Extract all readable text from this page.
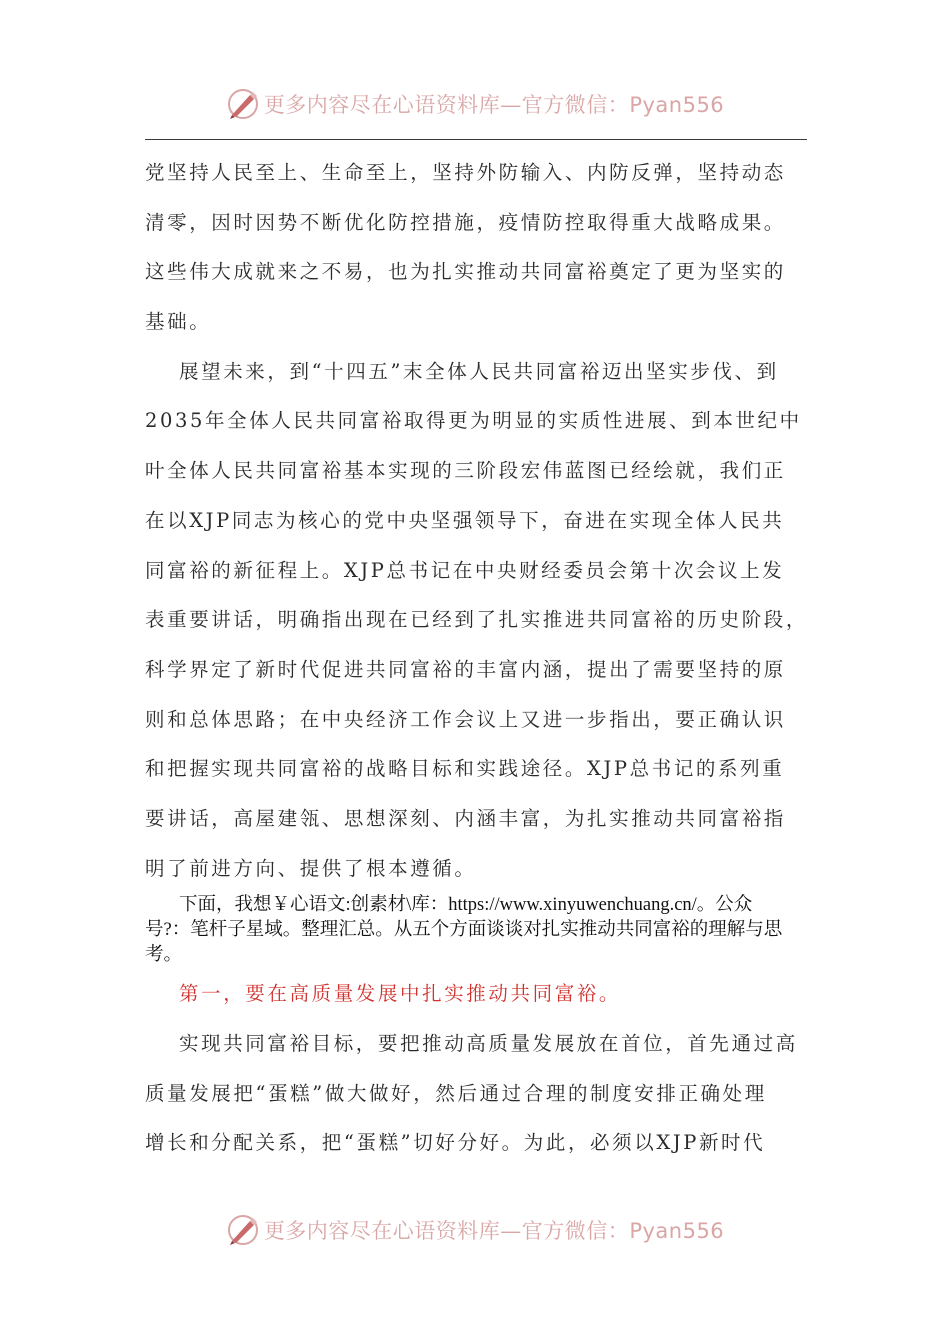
更多内容尽在心语资料库—官方微信：Pyan556
党坚持人民至上、生命至上，坚持外防输入、内防反弹，坚持动态
清零，因时因势不断优化防控措施，疫情防控取得重大战略成果。
这些伟大成就来之不易，也为扎实推动共同富裕奠定了更为坚实的
基础。
展望未来，到“十四五”末全体人民共同富裕迈出坚实步伐、到
2035年全体人民共同富裕取得更为明显的实质性进展、到本世纪中
叶全体人民共同富裕基本实现的三阶段宏伟蓝图已经绘就，我们正
在以XJP同志为核心的党中央坚强领导下，奋进在实现全体人民共
同富裕的新征程上。XJP总书记在中央财经委员会第十次会议上发
表重要讲话，明确指出现在已经到了扎实推进共同富裕的历史阶段，
科学界定了新时代促进共同富裕的丰富内涵，提出了需要坚持的原
则和总体思路；在中央经济工作会议上又进一步指出，要正确认识
和把握实现共同富裕的战略目标和实践途径。XJP总书记的系列重
要讲话，高屋建瓴、思想深刻、内涵丰富，为扎实推动共同富裕指
明了前进方向、提供了根本遵循。
下面，我想￥心语文:创素材\库：https://www.xinyuwenchuang.cn/。公众
号?：笔杆子星域。整理汇总。从五个方面谈谈对扎实推动共同富裕的理解与思
考。
第一，要在高质量发展中扎实推动共同富裕。
实现共同富裕目标，要把推动高质量发展放在首位，首先通过高
质量发展把“蛋糕”做大做好，然后通过合理的制度安排正确处理
增长和分配关系，把“蛋糕”切好分好。为此，必须以XJP新时代
更多内容尽在心语资料库—官方微信：Pyan556
